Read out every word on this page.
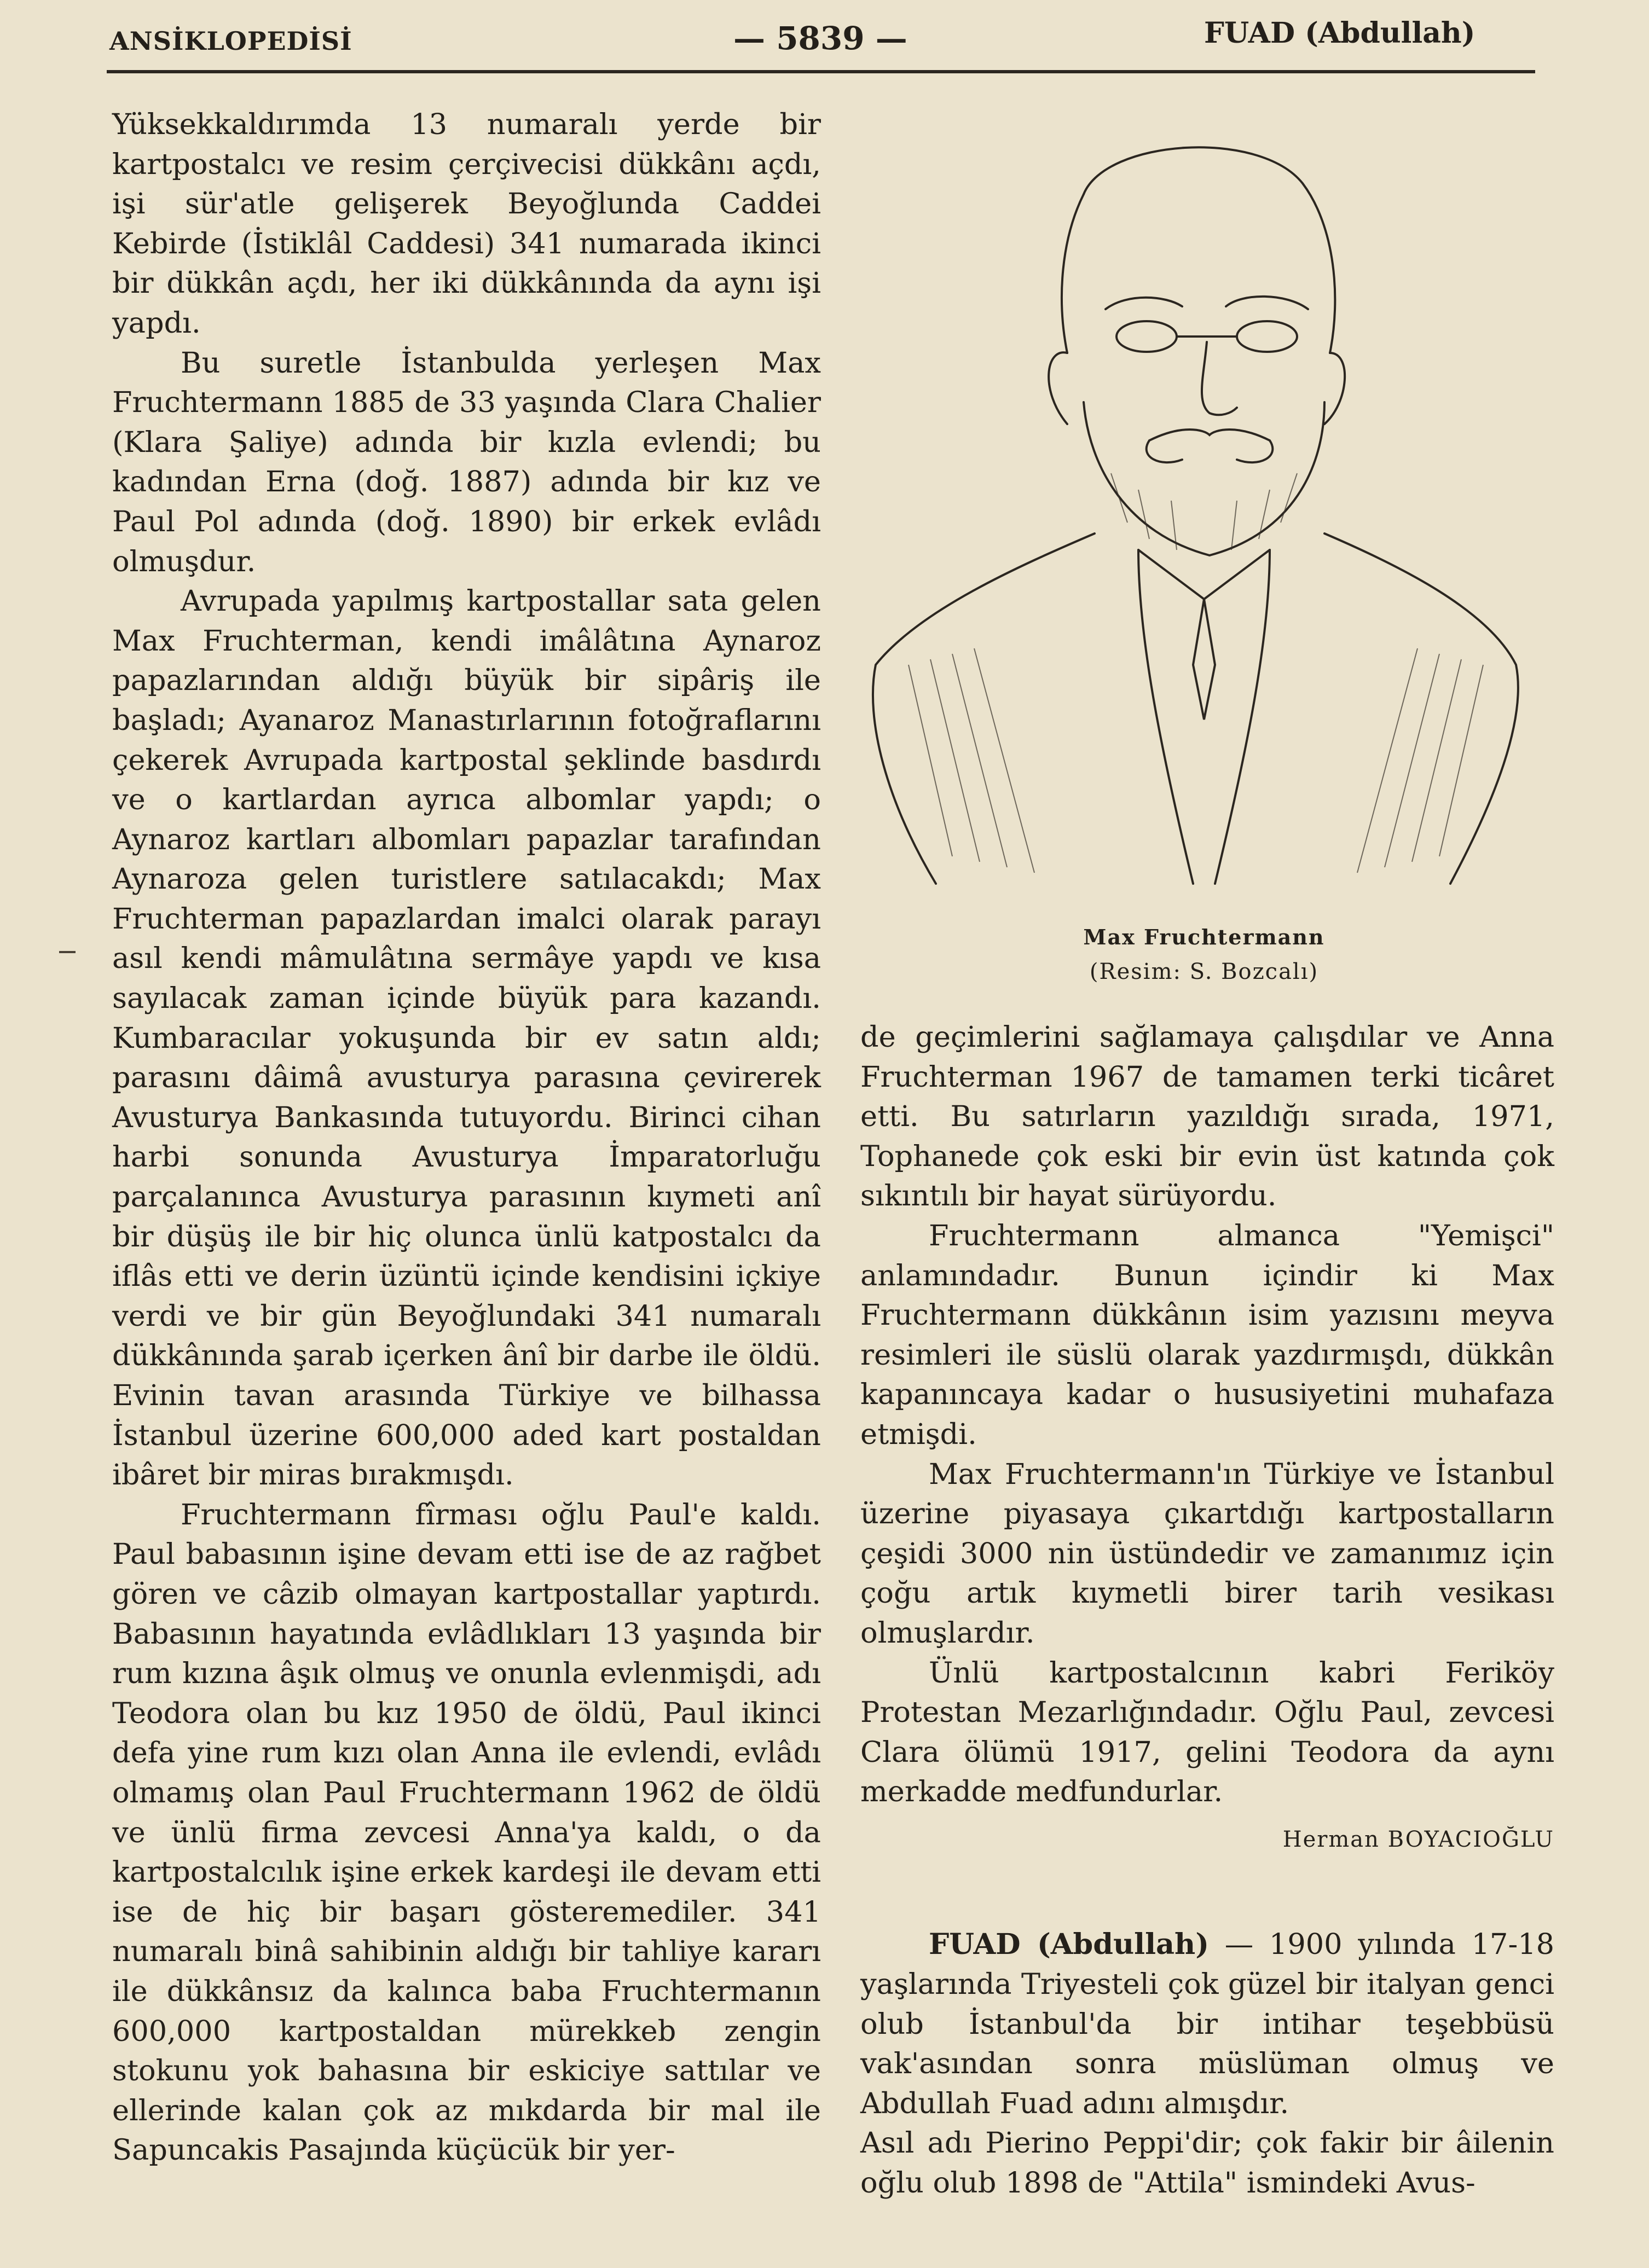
ANSİKLOPEDİSİ	— 5839 —	FUAD (Abdullah)

Yüksekkaldırımda 13 numaralı yerde bir kartpostalcı ve resim çerçivecisi dükkânı açdı, işi sür'atle gelişerek Beyoğlunda Caddei Kebirde (İstiklâl Caddesi) 341 numarada ikinci bir dükkân açdı, her iki dükkânında da aynı işi yapdı.

Bu suretle İstanbulda yerleşen Max Fruchtermann 1885 de 33 yaşında Clara Chalier (Klara Şaliye) adında bir kızla evlendi; bu kadından Erna (doğ. 1887) adında bir kız ve Paul Pol adında (doğ. 1890) bir erkek evlâdı olmuşdur.

Avrupada yapılmış kartpostallar sata gelen Max Fruchterman, kendi imâlâtına Aynaroz papazlarından aldığı büyük bir sipâriş ile başladı; Ayanaroz Manastırlarının fotoğraflarını çekerek Avrupada kartpostal şeklinde basdırdı ve o kartlardan ayrıca albomlar yapdı; o Aynaroz kartları albomları papazlar tarafından Aynaroza gelen turistlere satılacakdı; Max Fruchterman papazlardan imalci olarak parayı asıl kendi mâmulâtına sermâye yapdı ve kısa sayılacak zaman içinde büyük para kazandı. Kumbaracılar yokuşunda bir ev satın aldı; parasını dâimâ avusturya parasına çevirerek Avusturya Bankasında tutuyordu. Birinci cihan harbi sonunda Avusturya İmparatorluğu parçalanınca Avusturya parasının kıymeti anî bir düşüş ile bir hiç olunca ünlü katpostalcı da iflâs etti ve derin üzüntü içinde kendisini içkiye verdi ve bir gün Beyoğlundaki 341 numaralı dükkânında şarab içerken ânî bir darbe ile öldü. Evinin tavan arasında Türkiye ve bilhassa İstanbul üzerine 600,000 aded kart postaldan ibâret bir miras bırakmışdı.

Fruchtermann fîrması oğlu Paul'e kaldı. Paul babasının işine devam etti ise de az rağbet gören ve câzib olmayan kartpostallar yaptırdı. Babasının hayatında evlâdlıkları 13 yaşında bir rum kızına âşık olmuş ve onunla evlenmişdi, adı Teodora olan bu kız 1950 de öldü, Paul ikinci defa yine rum kızı olan Anna ile evlendi, evlâdı olmamış olan Paul Fruchtermann 1962 de öldü ve ünlü firma zevcesi Anna'ya kaldı, o da kartpostalcılık işine erkek kardeşi ile devam etti ise de hiç bir başarı gösteremediler. 341 numaralı binâ sahibinin aldığı bir tahliye kararı ile dükkânsız da kalınca baba Fruchtermanın 600,000 kartpostaldan mürekkeb zengin stokunu yok bahasına bir eskiciye sattılar ve ellerinde kalan çok az mıkdarda bir mal ile Sapuncakis Pasajında küçücük bir yer-

Max Fruchtermann
(Resim: S. Bozcalı)

de geçimlerini sağlamaya çalışdılar ve Anna Fruchterman 1967 de tamamen terki ticâret etti. Bu satırların yazıldığı sırada, 1971, Tophanede çok eski bir evin üst katında çok sıkıntılı bir hayat sürüyordu.

Fruchtermann almanca "Yemişci" anlamındadır. Bunun içindir ki Max Fruchtermann dükkânın isim yazısını meyva resimleri ile süslü olarak yazdırmışdı, dükkân kapanıncaya kadar o hususiyetini muhafaza etmişdi.

Max Fruchtermann'ın Türkiye ve İstanbul üzerine piyasaya çıkartdığı kartpostalların çeşidi 3000 nin üstündedir ve zamanımız için çoğu artık kıymetli birer tarih vesikası olmuşlardır.

Ünlü kartpostalcının kabri Feriköy Protestan Mezarlığındadır. Oğlu Paul, zevcesi Clara ölümü 1917, gelini Teodora da aynı merkadde medfundurlar.

Herman BOYACIOĞLU

FUAD (Abdullah) — 1900 yılında 17-18 yaşlarında Triyesteli çok güzel bir italyan genci olub İstanbul'da bir intihar teşebbüsü vak'asından sonra müslüman olmuş ve Abdullah Fuad adını almışdır.

Asıl adı Pierino Peppi'dir; çok fakir bir âilenin oğlu olub 1898 de "Attila" ismindeki Avus-
